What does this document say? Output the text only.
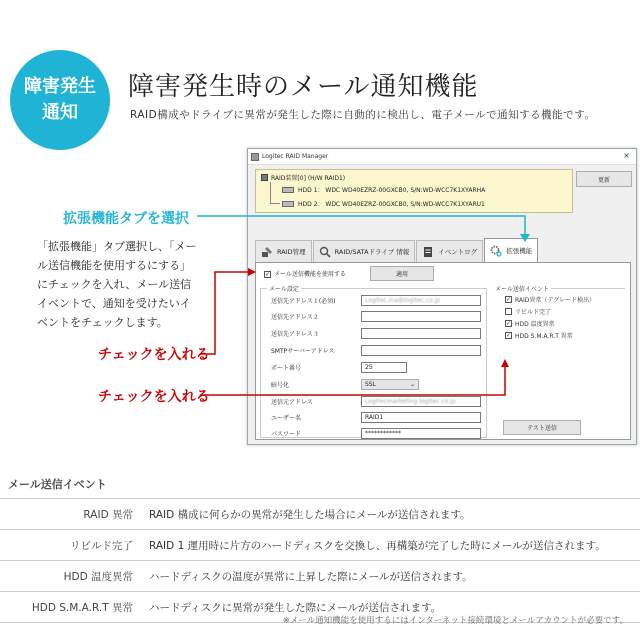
障害発生
通知
障害発生時のメール通知機能
RAID構成やドライブに異常が発生した際に自動的に検出し、電子メールで通知する機能です。
Logitec RAID Manager	×
RAID装置[0] (H/W RAID1)
HDD 1： WDC WD40EZRZ-00GXCB0, S/N:WD-WCC7K1XYARHA
HDD 2： WDC WD40EZRZ-00GXCB0, S/N:WD-WCC7K1XYARU1
更新
RAID管理	RAID/SATAドライブ 情報	イベントログ	拡張機能
✓ メール送信機能を使用する	適用
メール設定
送信先アドレス１(必須)	Logitec.ina@logitec.co.jp
送信先アドレス２
送信先アドレス３
SMTPサーバーアドレス
ポート番号	25
暗号化	SSL	⌄
送信元アドレス	Logitecmarketing.logitec.co.jp
ユーザー名	RAID1
パスワード	************
メール送信イベント
✓ RAID異常（デグレード検出）
リビルド完了
✓ HDD 温度異常
✓ HDD S.M.A.R.T 異常
テスト送信
拡張機能タブを選択
チェックを入れる
チェックを入れる
「拡張機能」タブ選択し、「メール送信機能を使用するにする」にチェックを入れ、メール送信イベントで、通知を受けたいイベントをチェックします。
メール送信イベント
RAID 異常	RAID 構成に何らかの異常が発生した場合にメールが送信されます。
リビルド完了	RAID 1 運用時に片方のハードディスクを交換し、再構築が完了した時にメールが送信されます。
HDD 温度異常	ハードディスクの温度が異常に上昇した際にメールが送信されます。
HDD S.M.A.R.T 異常	ハードディスクに異常が発生した際にメールが送信されます。
※メール通知機能を使用するにはインターネット接続環境とメールアカウントが必要です。
